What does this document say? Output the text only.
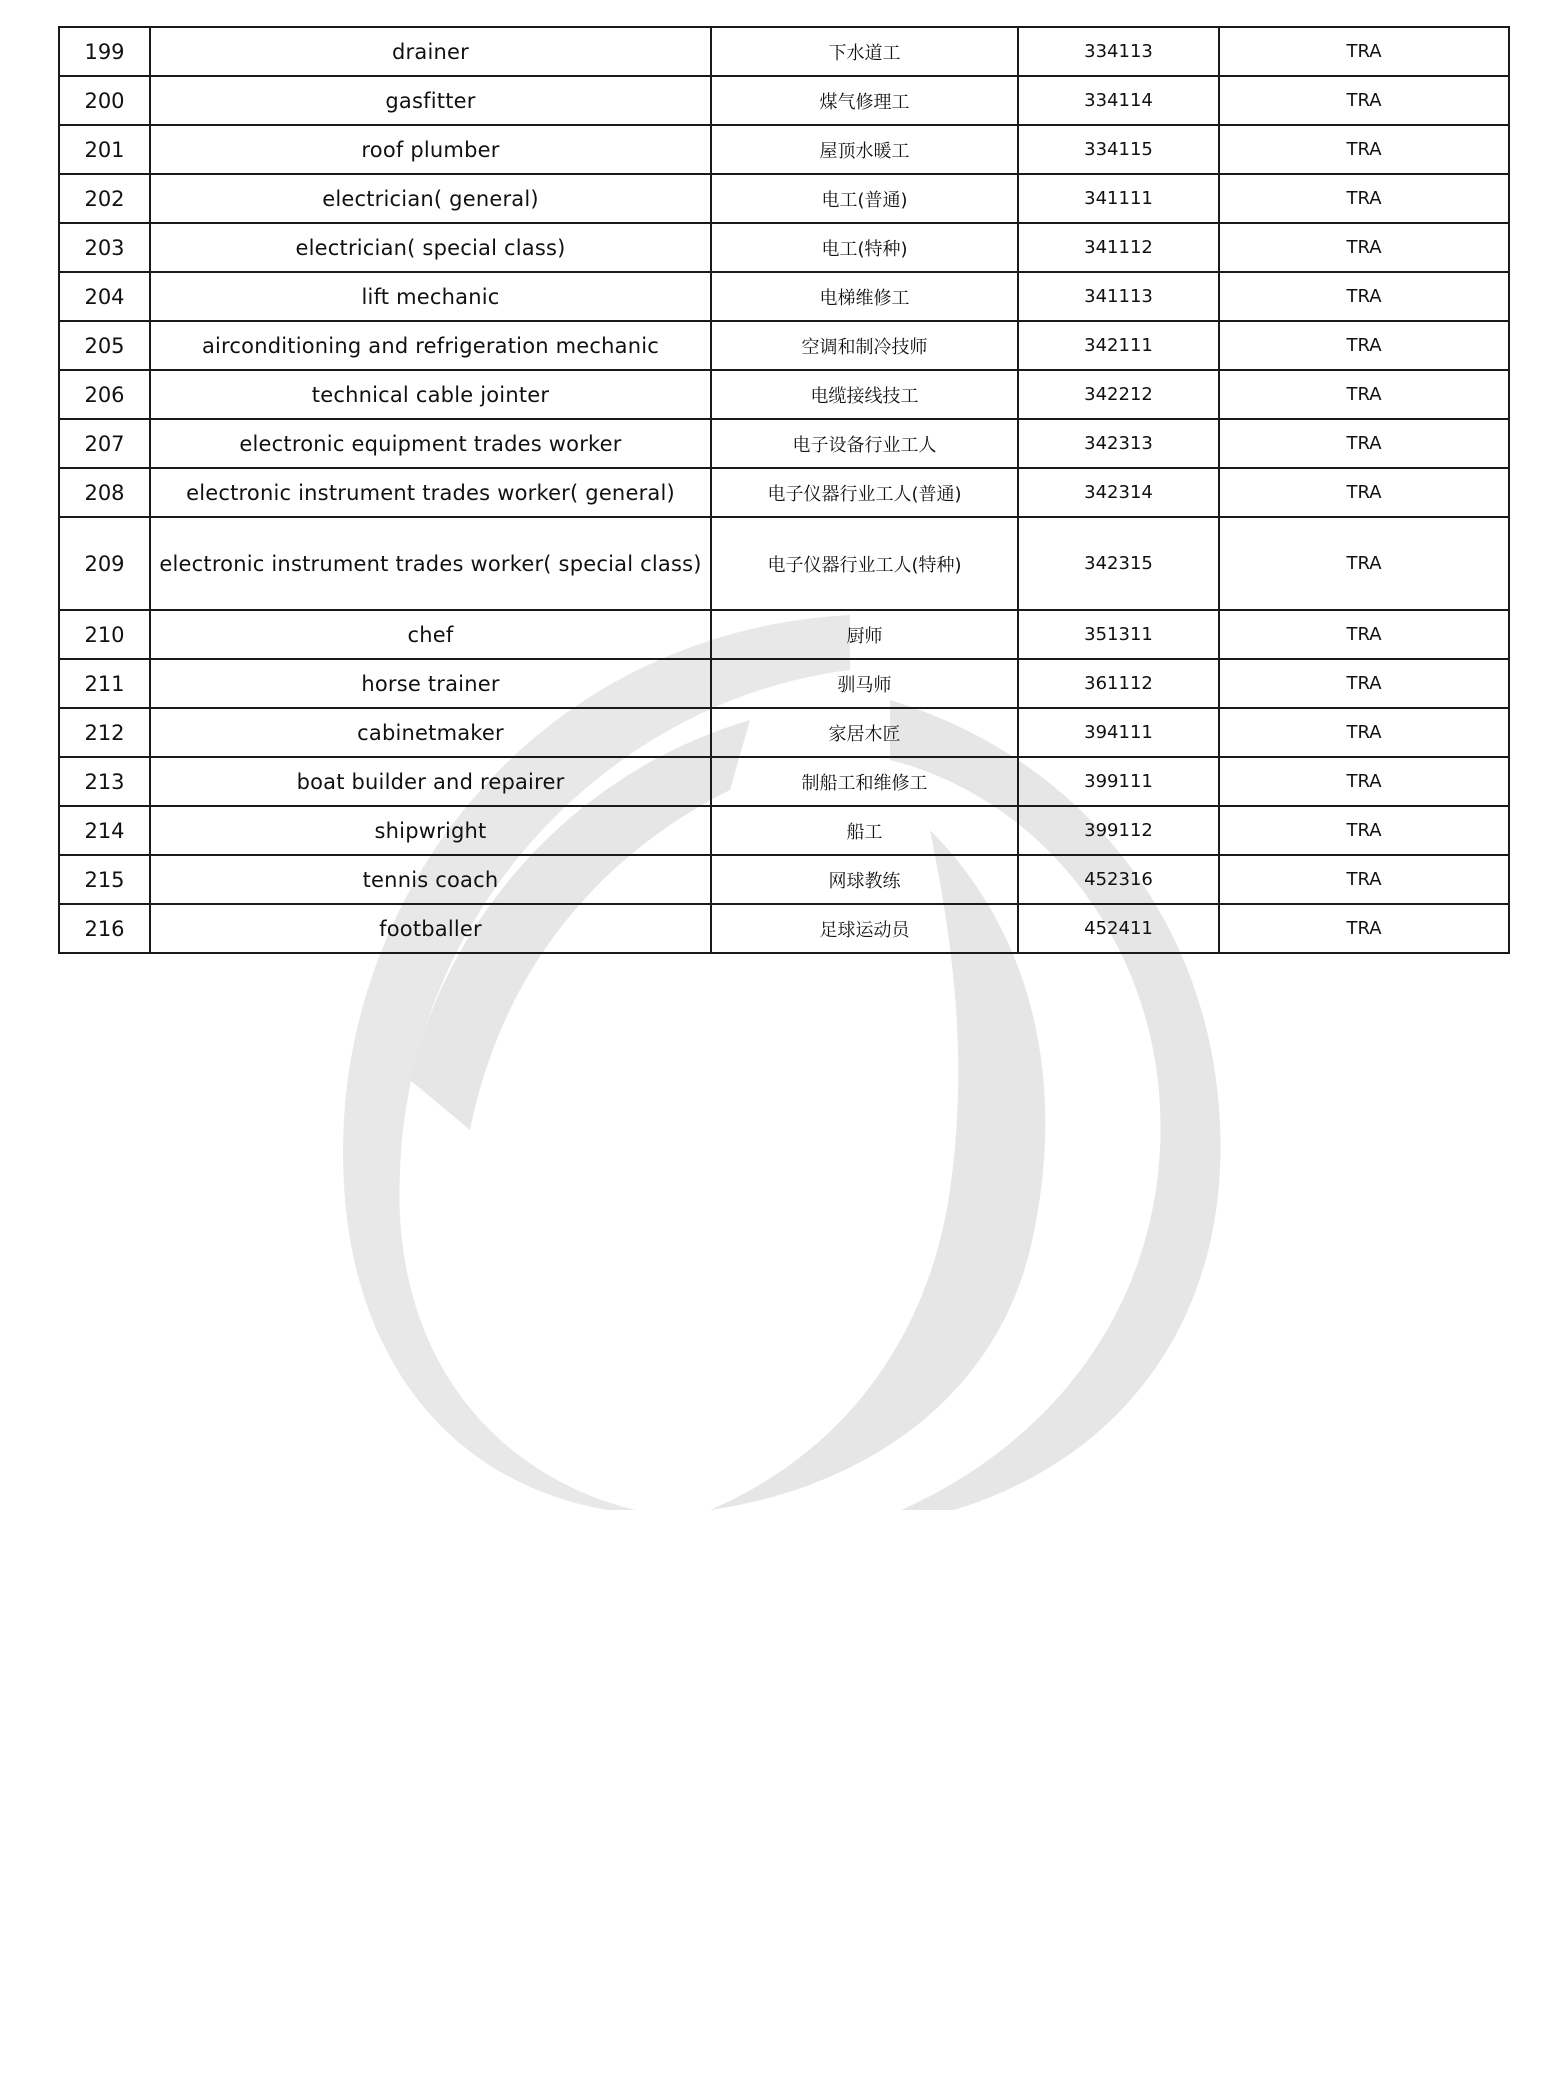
199	drainer	下水道工	334113	TRA
200	gasfitter	煤气修理工	334114	TRA
201	roof plumber	屋顶水暖工	334115	TRA
202	electrician( general)	电工(普通)	341111	TRA
203	electrician( special class)	电工(特种)	341112	TRA
204	lift mechanic	电梯维修工	341113	TRA
205	airconditioning and refrigeration mechanic	空调和制冷技师	342111	TRA
206	technical cable jointer	电缆接线技工	342212	TRA
207	electronic equipment trades worker	电子设备行业工人	342313	TRA
208	electronic instrument trades worker( general)	电子仪器行业工人(普通)	342314	TRA
209	electronic instrument trades worker( special class)	电子仪器行业工人(特种)	342315	TRA
210	chef	厨师	351311	TRA
211	horse trainer	驯马师	361112	TRA
212	cabinetmaker	家居木匠	394111	TRA
213	boat builder and repairer	制船工和维修工	399111	TRA
214	shipwright	船工	399112	TRA
215	tennis coach	网球教练	452316	TRA
216	footballer	足球运动员	452411	TRA
